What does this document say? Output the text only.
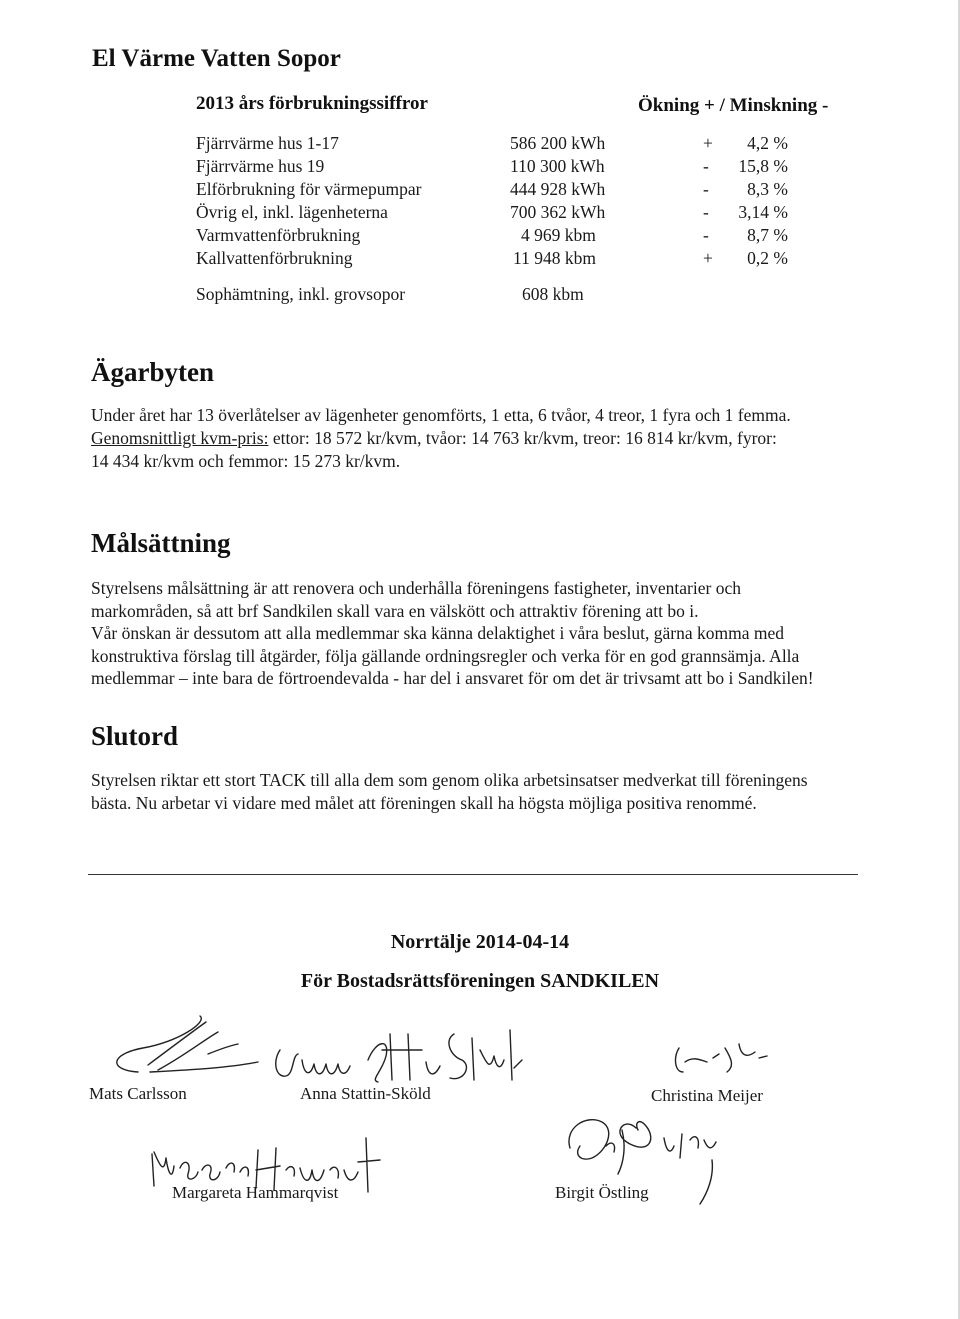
El Värme Vatten Sopor
2013 års förbrukningssiffror	Ökning + / Minskning -
Fjärrvärme hus 1-17	586 200 kWh	+ 4,2 %
Fjärrvärme hus 19	110 300 kWh	- 15,8 %
Elförbrukning för värmepumpar	444 928 kWh	- 8,3 %
Övrig el, inkl. lägenheterna	700 362 kWh	- 3,14 %
Varmvattenförbrukning	4 969 kbm	- 8,7 %
Kallvattenförbrukning	11 948 kbm	+ 0,2 %
Sophämtning, inkl. grovsopor	608 kbm
Ägarbyten
Under året har 13 överlåtelser av lägenheter genomförts, 1 etta, 6 tvåor, 4 treor, 1 fyra och 1 femma.
Genomsnittligt kvm-pris: ettor: 18 572 kr/kvm, tvåor: 14 763 kr/kvm, treor: 16 814 kr/kvm, fyror:
14 434 kr/kvm och femmor: 15 273 kr/kvm.
Målsättning
Styrelsens målsättning är att renovera och underhålla föreningens fastigheter, inventarier och markområden, så att brf Sandkilen skall vara en välskött och attraktiv förening att bo i.
Vår önskan är dessutom att alla medlemmar ska känna delaktighet i våra beslut, gärna komma med konstruktiva förslag till åtgärder, följa gällande ordningsregler och verka för en god grannsämja. Alla medlemmar – inte bara de förtroendevalda - har del i ansvaret för om det är trivsamt att bo i Sandkilen!
Slutord
Styrelsen riktar ett stort TACK till alla dem som genom olika arbetsinsatser medverkat till föreningens bästa. Nu arbetar vi vidare med målet att föreningen skall ha högsta möjliga positiva renommé.
Norrtälje 2014-04-14
För Bostadsrättsföreningen SANDKILEN
Mats Carlsson	Anna Stattin-Sköld	Christina Meijer
Margareta Hammarqvist	Birgit Östling
